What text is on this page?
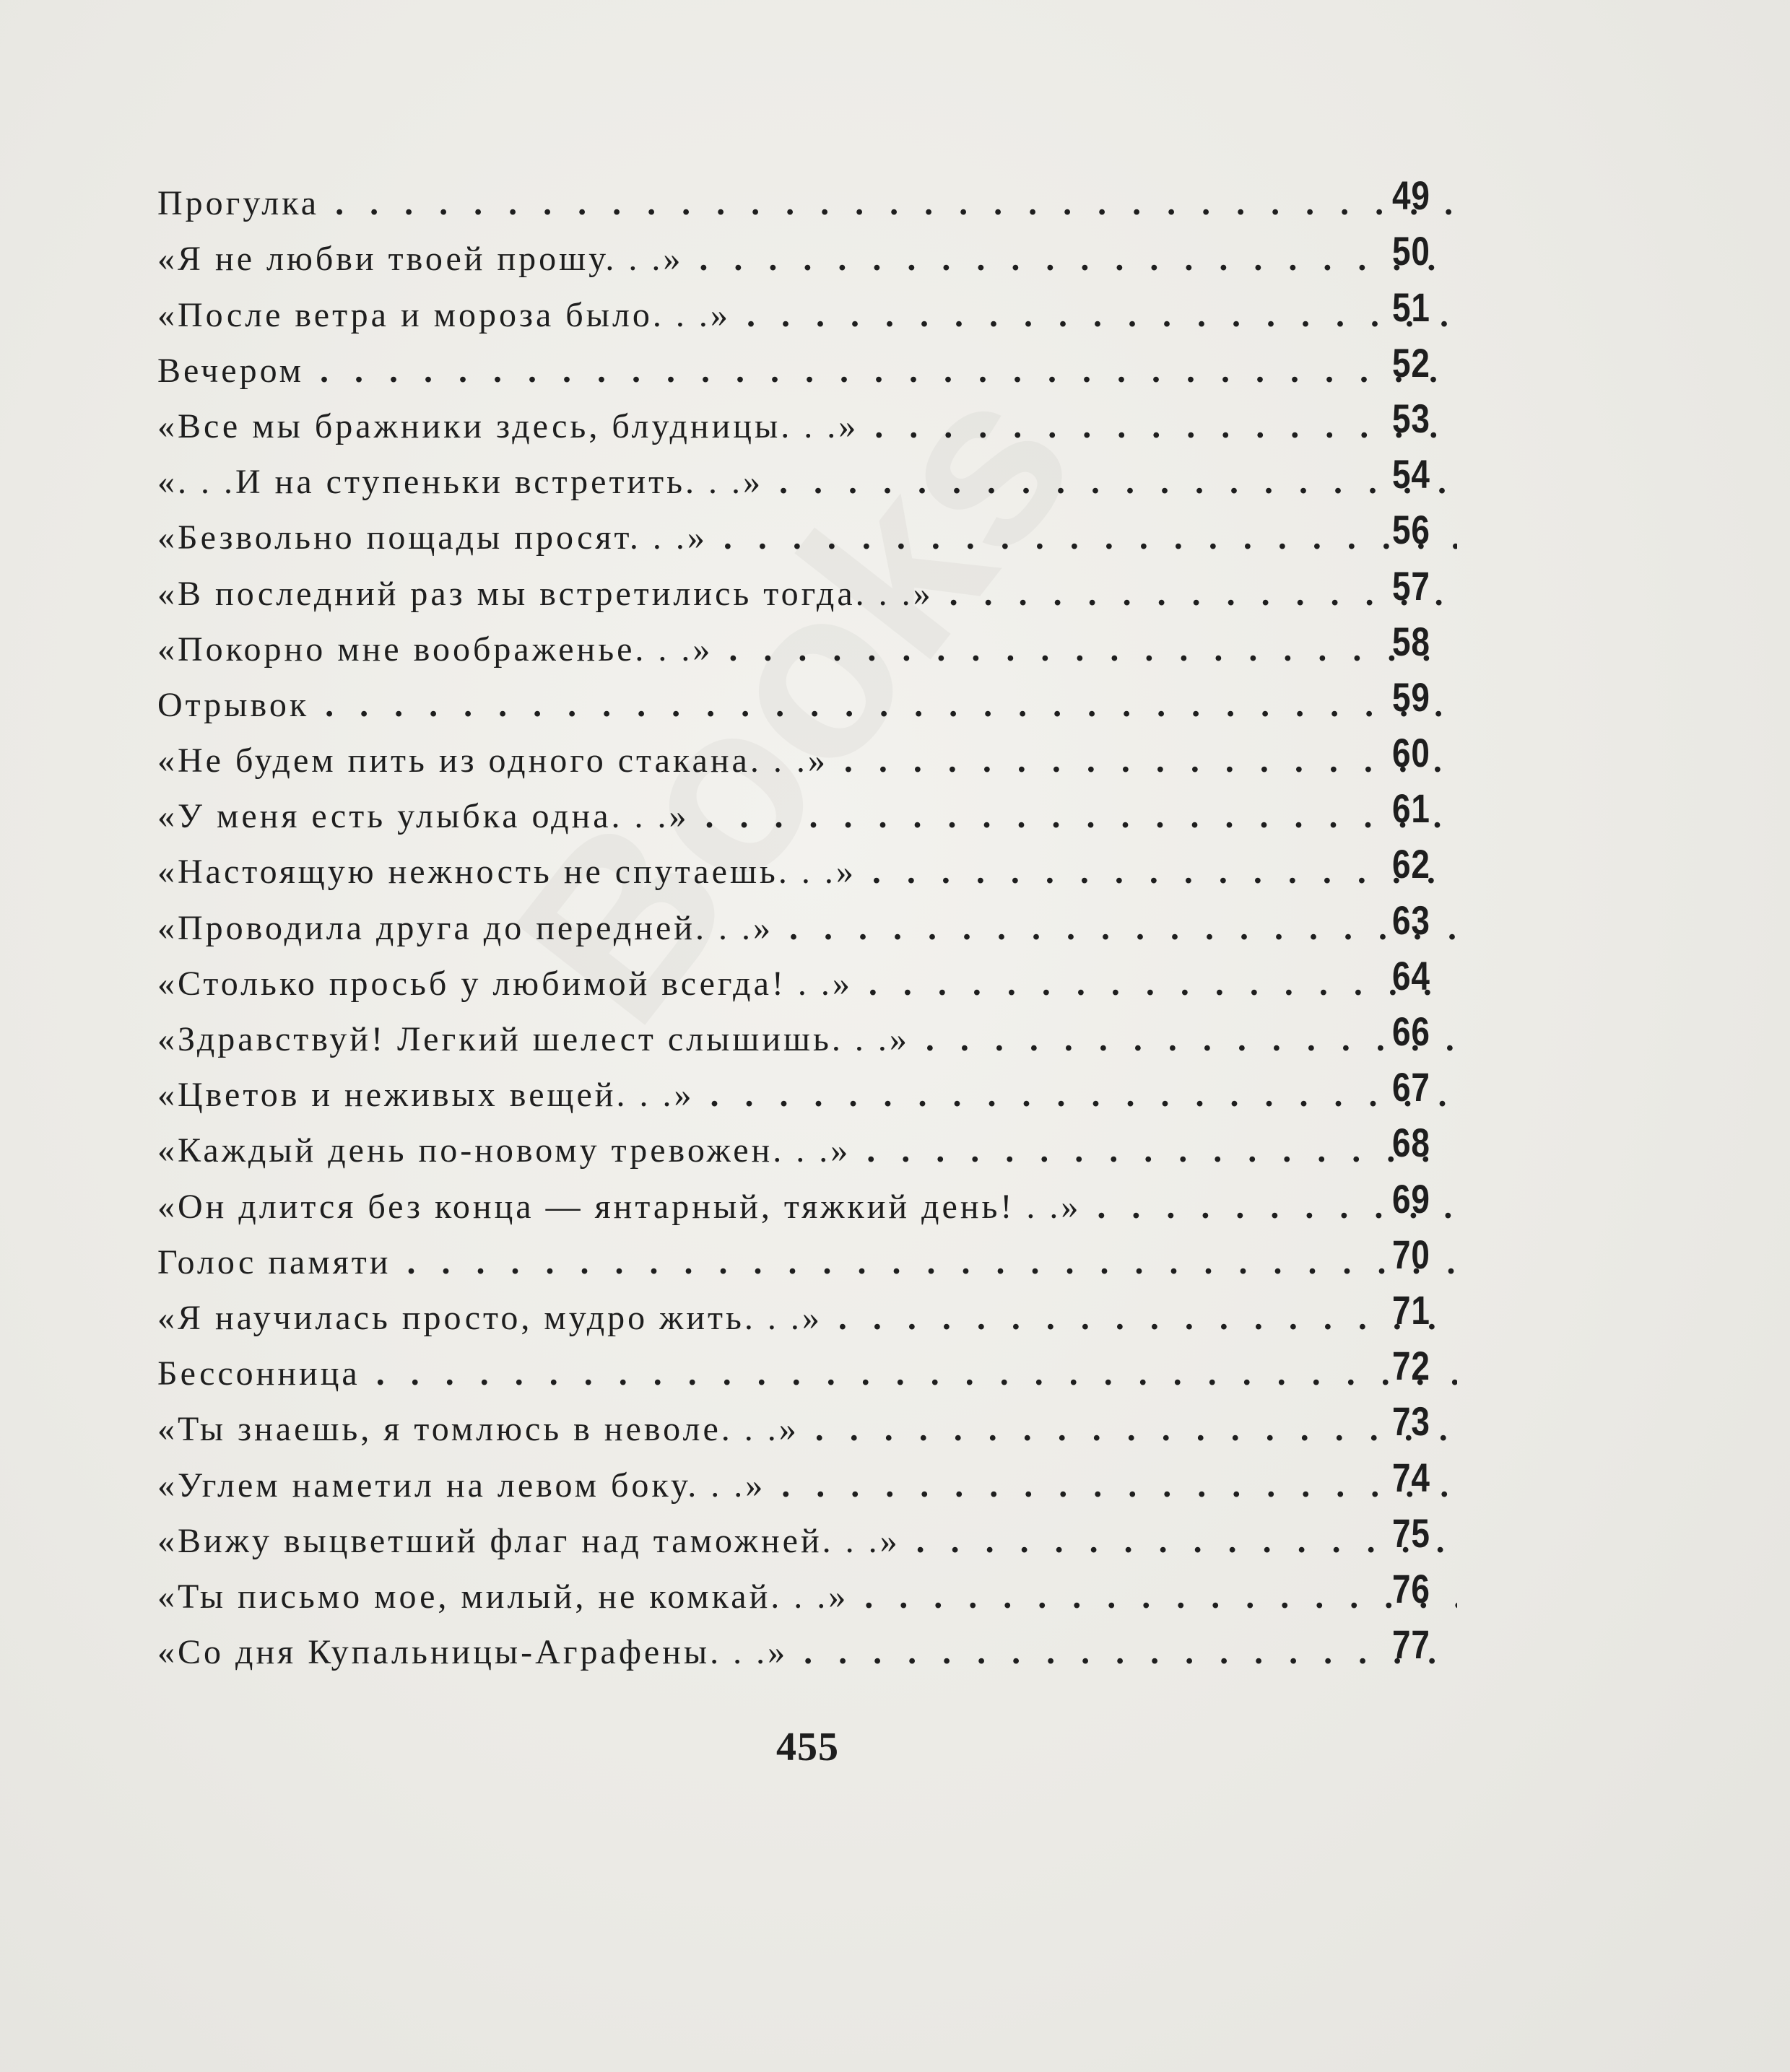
Прогулка . . .	49
«Я не любви твоей прошу. . .» . . .	50
«После ветра и мороза было. . .» . . .	51
Вечером . . .	52
«Все мы бражники здесь, блудницы. . .» . . .	53
«. . .И на ступеньки встретить. . .» . . .	54
«Безвольно пощады просят. . .» . . .	56
«В последний раз мы встретились тогда. . .» . . .	57
«Покорно мне воображенье. . .» . . .	58
Отрывок . . .	59
«Не будем пить из одного стакана. . .» . . .	60
«У меня есть улыбка одна. . .» . . .	61
«Настоящую нежность не спутаешь. . .» . . .	62
«Проводила друга до передней. . .» . . .	63
«Столько просьб у любимой всегда! . .» . . .	64
«Здравствуй! Легкий шелест слышишь. . .» . . .	66
«Цветов и неживых вещей. . .» . . .	67
«Каждый день по-новому тревожен. . .» . . .	68
«Он длится без конца — янтарный, тяжкий день! . .» . . .	69
Голос памяти . . .	70
«Я научилась просто, мудро жить. . .» . . .	71
Бессонница . . .	72
«Ты знаешь, я томлюсь в неволе. . .» . . .	73
«Углем наметил на левом боку. . .» . . .	74
«Вижу выцветший флаг над таможней. . .» . . .	75
«Ты письмо мое, милый, не комкай. . .» . . .	76
«Со дня Купальницы-Аграфены. . .» . . .	77
455
